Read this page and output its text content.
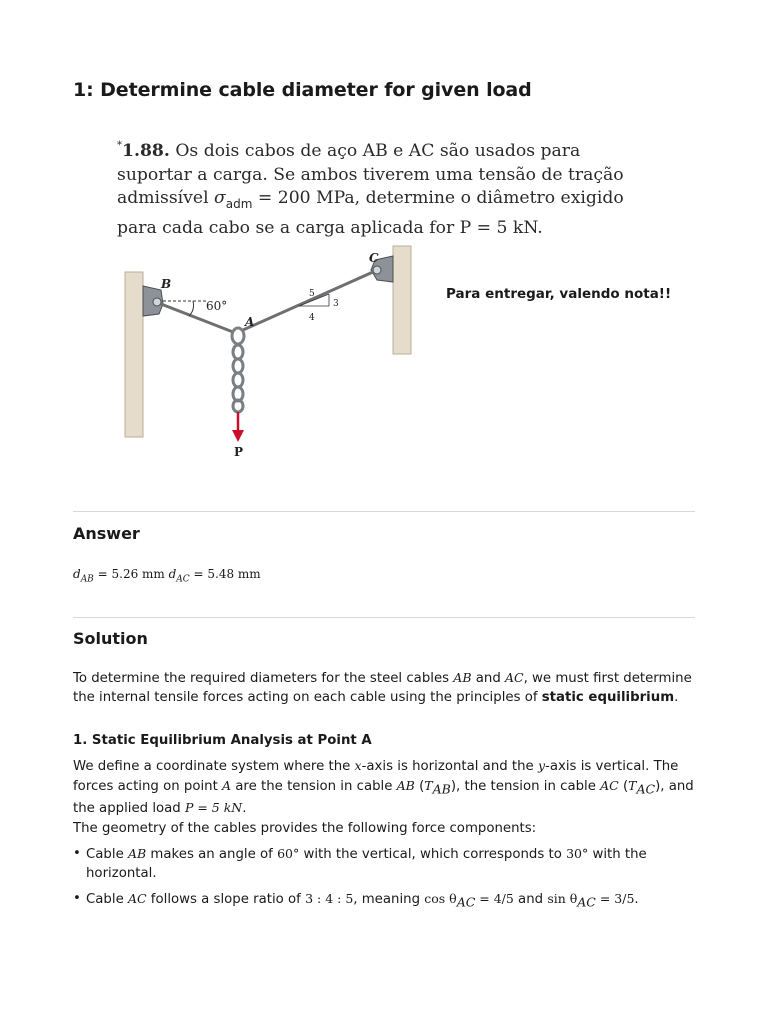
1: Determine cable diameter for given load
*1.88. Os dois cabos de aço AB e AC são usados para
suportar a carga. Se ambos tiverem uma tensão de tração
admissível $\sigma_{adm} = 200$ MPa, determine o diâmetro exigido
para cada cabo se a carga aplicada for P = 5 kN.
B
C
A
P
60°
5
3
4
Para entregar, valendo nota!!
Answer
$d_{AB} = 5.26$ mm $d_{AC} = 5.48$ mm
Solution

To determine the required diameters for the steel cables AB and AC, we must first determine the internal tensile forces acting on each cable using the principles of static equilibrium.

1. Static Equilibrium Analysis at Point A

We define a coordinate system where the x-axis is horizontal and the y-axis is vertical. The forces acting on point A are the tension in cable AB $(T_{AB})$, the tension in cable AC $(T_{AC})$, and the applied load P = 5 kN.

The geometry of the cables provides the following force components:
• Cable AB makes an angle of 60° with the vertical, which corresponds to 30° with the horizontal.
• Cable AC follows a slope ratio of 3 : 4 : 5, meaning $\cos \theta_{AC} = 4/5$ and $\sin \theta_{AC} = 3/5$.
